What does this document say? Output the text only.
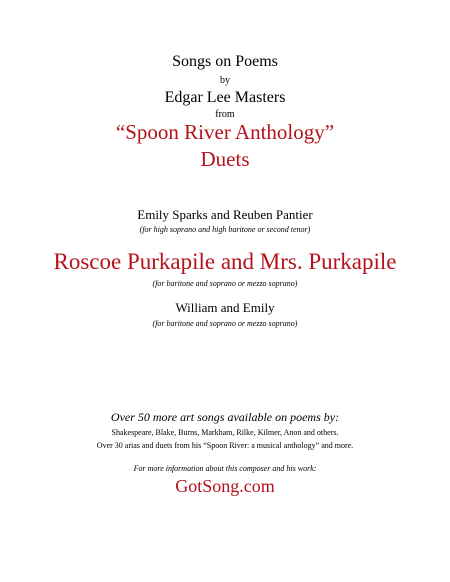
Songs on Poems
by
Edgar Lee Masters
from
“Spoon River Anthology”
Duets
Emily Sparks and Reuben Pantier
(for high soprano and high baritone or second tenor)
Roscoe Purkapile and Mrs. Purkapile
(for baritone and soprano or mezzo soprano)
William and Emily
(for baritone and soprano or mezzo soprano)
Over 50 more art songs available on poems by:
Shakespeare, Blake, Burns, Markham, Rilke, Kilmer, Anon and others.
Over 30 arias and duets from his “Spoon River: a musical anthology” and more.
For more information about this composer and his work:
GotSong.com
